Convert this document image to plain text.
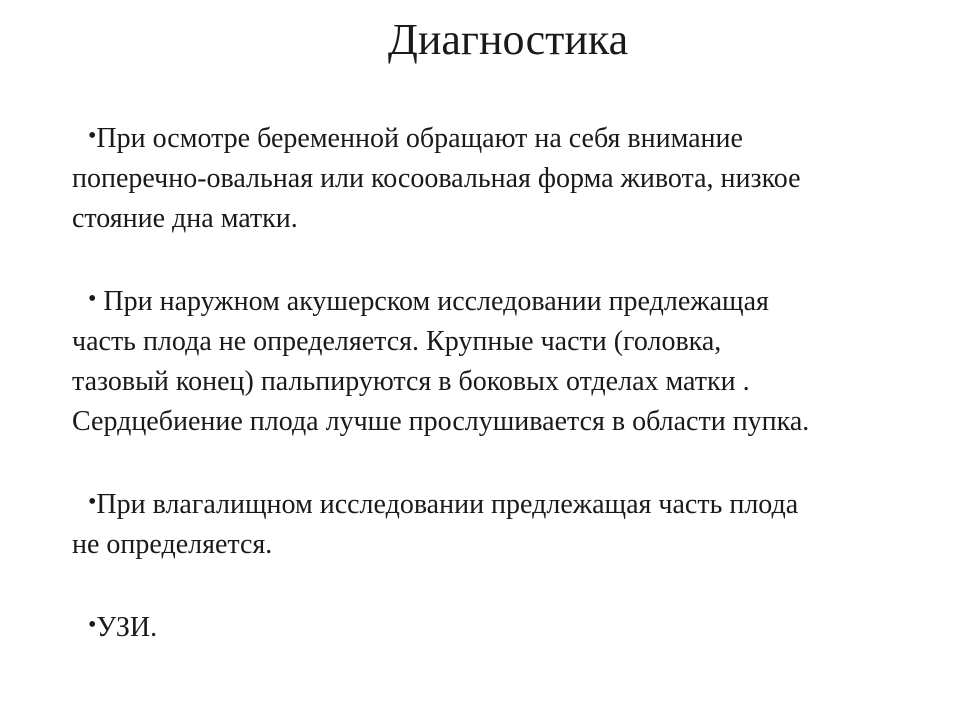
Диагностика
•При осмотре беременной обращают на себя внимание
поперечно-овальная или косоовальная форма живота, низкое
стояние дна матки.
• При наружном акушерском исследовании предлежащая
часть плода не определяется. Крупные части (головка,
тазовый конец) пальпируются в боковых отделах матки .
Сердцебиение плода лучше прослушивается в области пупка.
•При влагалищном исследовании предлежащая часть плода
не определяется.
•УЗИ.
